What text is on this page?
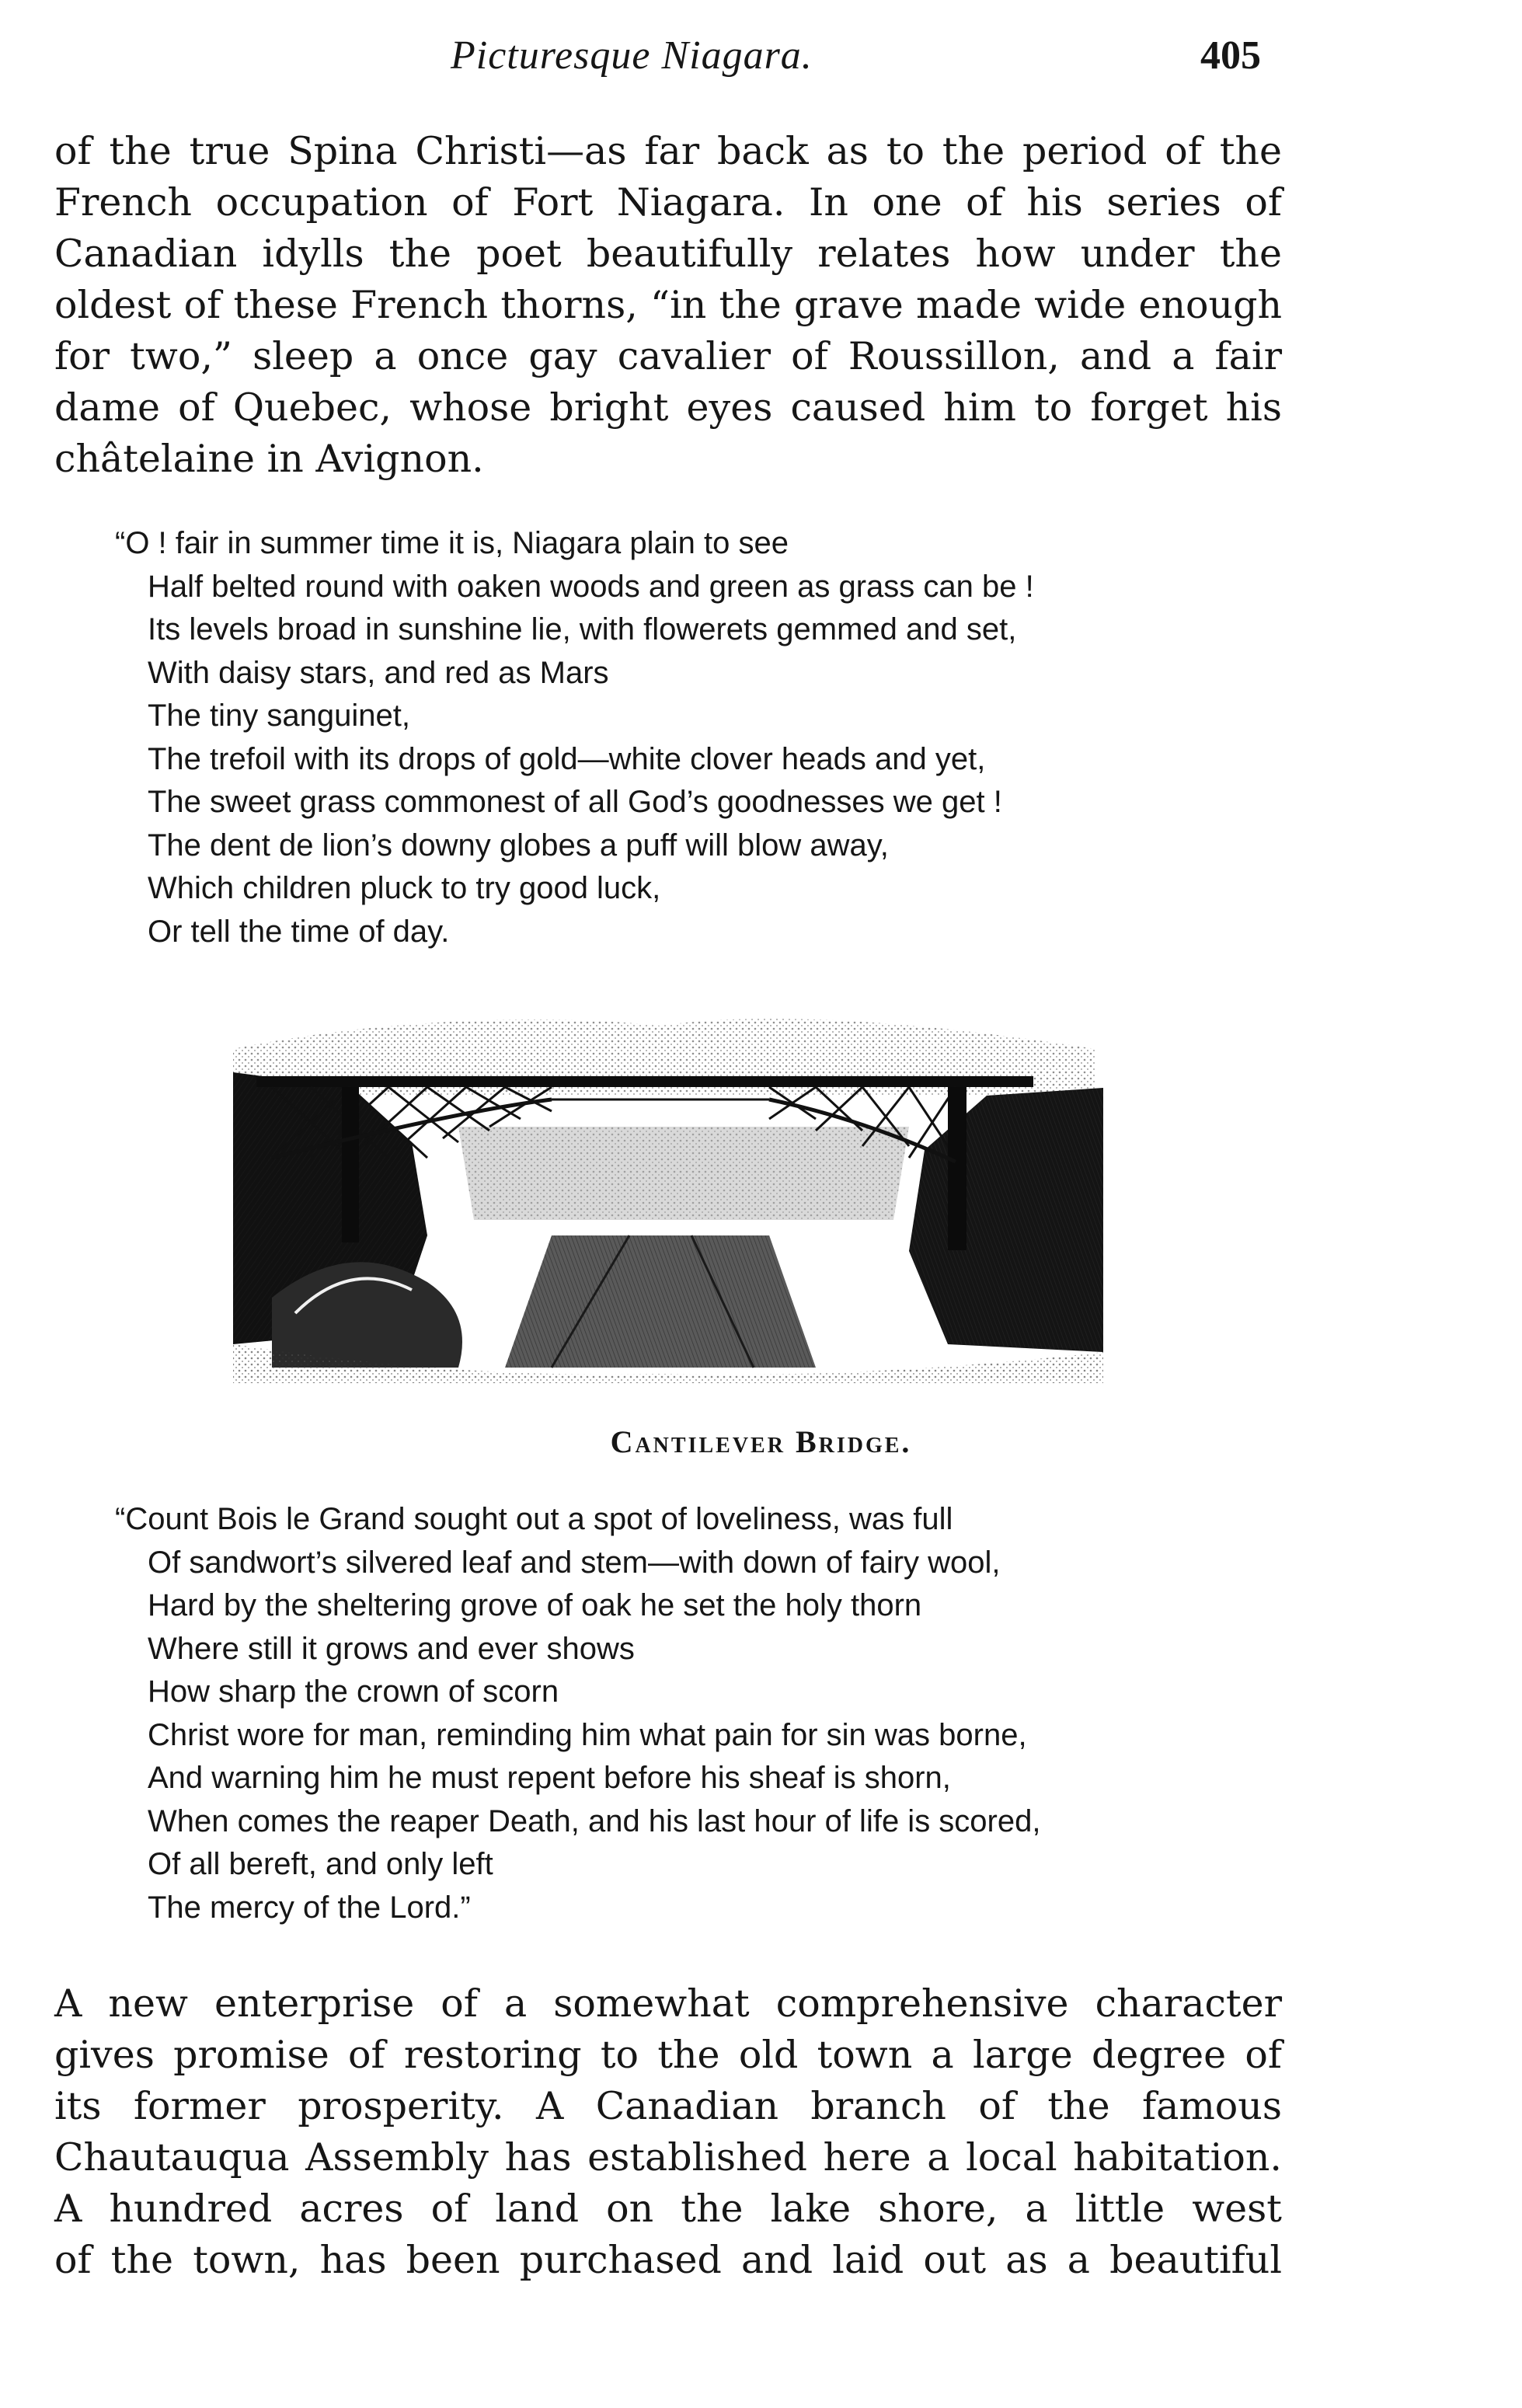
Picturesque Niagara.	405
of the true Spina Christi—as far back as to the period of the
French occupation of Fort Niagara. In one of his series of
Canadian idylls the poet beautifully relates how under the
oldest of these French thorns, “in the grave made wide enough
for two,” sleep a once gay cavalier of Roussillon, and a fair
dame of Quebec, whose bright eyes caused him to forget his
châtelaine in Avignon.
“O ! fair in summer time it is, Niagara plain to see
Half belted round with oaken woods and green as grass can be !
Its levels broad in sunshine lie, with flowerets gemmed and set,
With daisy stars, and red as Mars
The tiny sanguinet,
The trefoil with its drops of gold—white clover heads and yet,
The sweet grass commonest of all God’s goodnesses we get !
The dent de lion’s downy globes a puff will blow away,
Which children pluck to try good luck,
Or tell the time of day.
Cantilever Bridge.
“Count Bois le Grand sought out a spot of loveliness, was full
Of sandwort’s silvered leaf and stem—with down of fairy wool,
Hard by the sheltering grove of oak he set the holy thorn
Where still it grows and ever shows
How sharp the crown of scorn
Christ wore for man, reminding him what pain for sin was borne,
And warning him he must repent before his sheaf is shorn,
When comes the reaper Death, and his last hour of life is scored,
Of all bereft, and only left
The mercy of the Lord.”
A new enterprise of a somewhat comprehensive character
gives promise of restoring to the old town a large degree of
its former prosperity. A Canadian branch of the famous
Chautauqua Assembly has established here a local habitation.
A hundred acres of land on the lake shore, a little west
of the town, has been purchased and laid out as a beautiful
